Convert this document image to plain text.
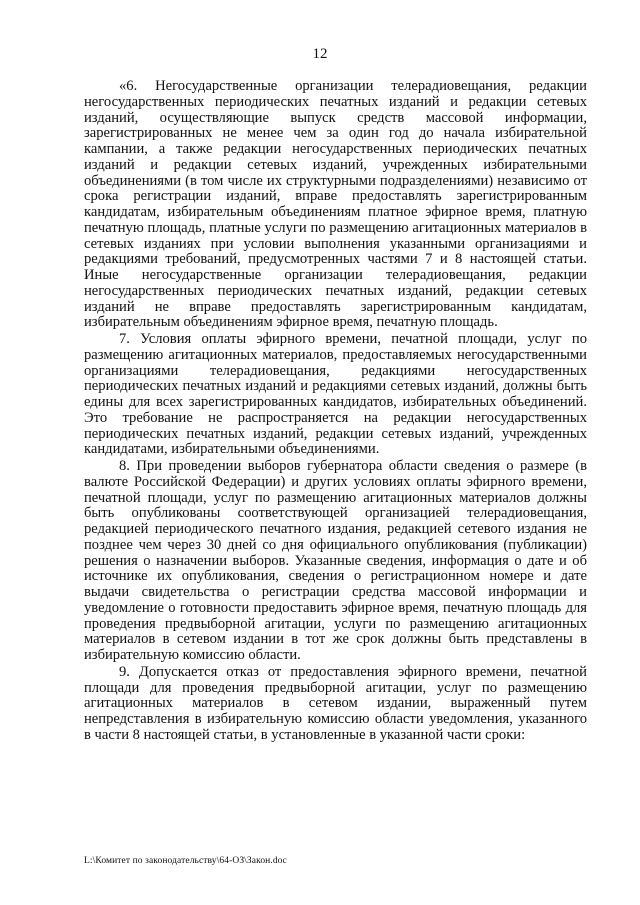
12

«6. Негосударственные организации телерадиовещания, редакции негосударственных периодических печатных изданий и редакции сетевых изданий, осуществляющие выпуск средств массовой информации, зарегистрированных не менее чем за один год до начала избирательной кампании, а также редакции негосударственных периодических печатных изданий и редакции сетевых изданий, учрежденных избирательными объединениями (в том числе их структурными подразделениями) независимо от срока регистрации изданий, вправе предоставлять зарегистрированным кандидатам, избирательным объединениям платное эфирное время, платную печатную площадь, платные услуги по размещению агитационных материалов в сетевых изданиях при условии выполнения указанными организациями и редакциями требований, предусмотренных частями 7 и 8 настоящей статьи. Иные негосударственные организации телерадиовещания, редакции негосударственных периодических печатных изданий, редакции сетевых изданий не вправе предоставлять зарегистрированным кандидатам, избирательным объединениям эфирное время, печатную площадь.

7. Условия оплаты эфирного времени, печатной площади, услуг по размещению агитационных материалов, предоставляемых негосударственными организациями телерадиовещания, редакциями негосударственных периодических печатных изданий и редакциями сетевых изданий, должны быть едины для всех зарегистрированных кандидатов, избирательных объединений. Это требование не распространяется на редакции негосударственных периодических печатных изданий, редакции сетевых изданий, учрежденных кандидатами, избирательными объединениями.

8. При проведении выборов губернатора области сведения о размере (в валюте Российской Федерации) и других условиях оплаты эфирного времени, печатной площади, услуг по размещению агитационных материалов должны быть опубликованы соответствующей организацией телерадиовещания, редакцией периодического печатного издания, редакцией сетевого издания не позднее чем через 30 дней со дня официального опубликования (публикации) решения о назначении выборов. Указанные сведения, информация о дате и об источнике их опубликования, сведения о регистрационном номере и дате выдачи свидетельства о регистрации средства массовой информации и уведомление о готовности предоставить эфирное время, печатную площадь для проведения предвыборной агитации, услуги по размещению агитационных материалов в сетевом издании в тот же срок должны быть представлены в избирательную комиссию области.

9. Допускается отказ от предоставления эфирного времени, печатной площади для проведения предвыборной агитации, услуг по размещению агитационных материалов в сетевом издании, выраженный путем непредставления в избирательную комиссию области уведомления, указанного в части 8 настоящей статьи, в установленные в указанной части сроки:

L:\Комитет по законодательству\64-ОЗ\Закон.doc
